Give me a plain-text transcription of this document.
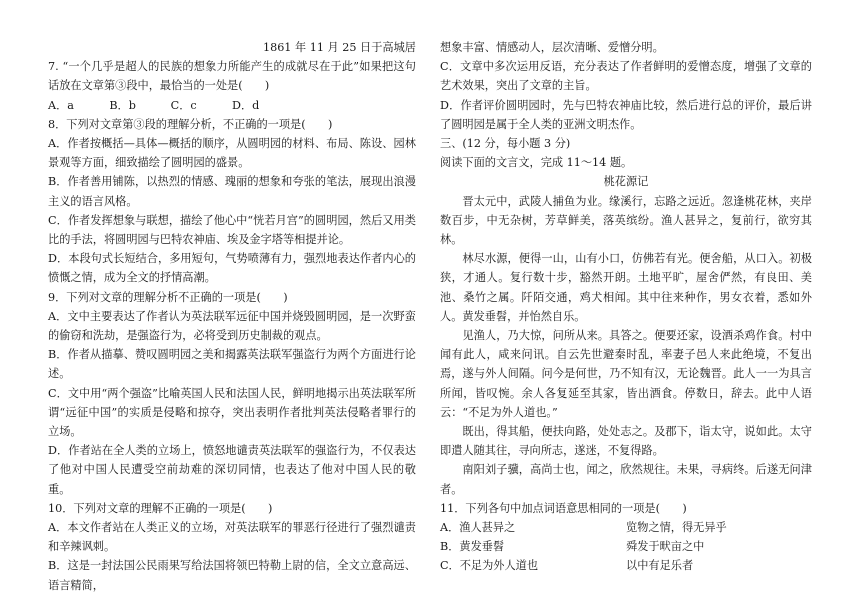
1861 年 11 月 25 日于高城居

7. “一个几乎是超人的民族的想象力所能产生的成就尽在于此”如果把这句话放在文章第③段中，最恰当的一处是(　　)

A．a	B．b	C．c	D．d

8．下列对文章第③段的理解分析，不正确的一项是(　　)

A．作者按概括—具体—概括的顺序，从圆明园的材料、布局、陈设、园林景观等方面，细致描绘了圆明园的盛景。

B．作者善用铺陈，以热烈的情感、瑰丽的想象和夸张的笔法，展现出浪漫主义的语言风格。

C．作者发挥想象与联想，描绘了他心中“恍若月宫”的圆明园，然后又用类比的手法，将圆明园与巴特农神庙、埃及金字塔等相提并论。

D．本段句式长短结合，多用短句，气势喷薄有力，强烈地表达作者内心的愤慨之情，成为全文的抒情高潮。

9．下列对文章的理解分析不正确的一项是(　　)

A．文中主要表达了作者认为英法联军远征中国并烧毁圆明园，是一次野蛮的偷窃和洗劫，是强盗行为，必将受到历史制裁的观点。

B．作者从描摹、赞叹圆明园之美和揭露英法联军强盗行为两个方面进行论述。

C．文中用“两个强盗”比喻英国人民和法国人民，鲜明地揭示出英法联军所谓“远征中国”的实质是侵略和掠夺，突出表明作者批判英法侵略者罪行的立场。

D．作者站在全人类的立场上，愤怒地谴责英法联军的强盗行为，不仅表达了他对中国人民遭受空前劫难的深切同情，也表达了他对中国人民的敬重。

10．下列对文章的理解不正确的一项是(　　)

A．本文作者站在人类正义的立场，对英法联军的罪恶行径进行了强烈谴责和辛辣讽刺。

B．这是一封法国公民雨果写给法国将领巴特勒上尉的信，全文立意高远、语言精简，

想象丰富、情感动人，层次清晰、爱憎分明。

C．文章中多次运用反语，充分表达了作者鲜明的爱憎态度，增强了文章的艺术效果，突出了文章的主旨。

D．作者评价圆明园时，先与巴特农神庙比较，然后进行总的评价，最后讲了圆明园是属于全人类的亚洲文明杰作。

三、(12 分，每小题 3 分)

阅读下面的文言文，完成 11～14 题。

桃花源记

晋太元中，武陵人捕鱼为业。缘溪行，忘路之远近。忽逢桃花林，夹岸数百步，中无杂树，芳草鲜美，落英缤纷。渔人甚异之，复前行，欲穷其林。

林尽水源，便得一山，山有小口，仿佛若有光。便舍船，从口入。初极狭，才通人。复行数十步，豁然开朗。土地平旷，屋舍俨然，有良田、美池、桑竹之属。阡陌交通，鸡犬相闻。其中往来种作，男女衣着，悉如外人。黄发垂髫，并怡然自乐。

见渔人，乃大惊，问所从来。具答之。便要还家，设酒杀鸡作食。村中闻有此人，咸来问讯。自云先世避秦时乱，率妻子邑人来此绝境，不复出焉，遂与外人间隔。问今是何世，乃不知有汉，无论魏晋。此人一一为具言所闻，皆叹惋。余人各复延至其家，皆出酒食。停数日，辞去。此中人语云：“不足为外人道也。”

既出，得其船，便扶向路，处处志之。及郡下，诣太守，说如此。太守即遣人随其往，寻向所志，遂迷，不复得路。

南阳刘子骥，高尚士也，闻之，欣然规往。未果，寻病终。后遂无问津者。

11．下列各句中加点词语意思相同的一项是(　　)

A．渔人甚异之	览物之情，得无异乎
B．黄发垂髫	舜发于畎亩之中
C．不足为外人道也	以中有足乐者
